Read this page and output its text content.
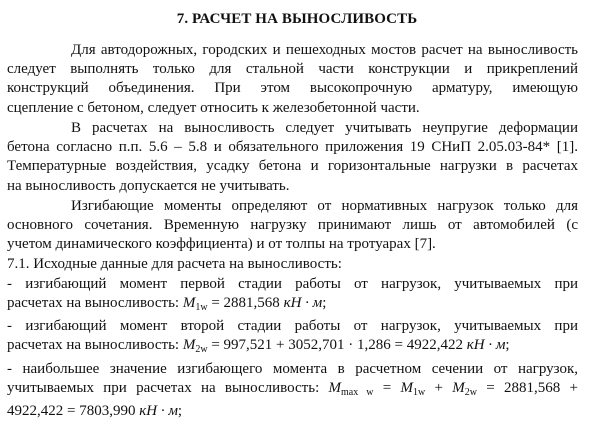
7. РАСЧЕТ НА ВЫНОСЛИВОСТЬ

Для автодорожных, городских и пешеходных мостов расчет на выносливость

следует выполнять только для стальной части конструкции и прикреплений

конструкций объединения. При этом высокопрочную арматуру, имеющую

сцепление с бетоном, следует относить к железобетонной части.

В расчетах на выносливость следует учитывать неупругие деформации

бетона согласно п.п. 5.6 – 5.8 и обязательного приложения 19 СНиП 2.05.03-84* [1].

Температурные воздействия, усадку бетона и горизонтальные нагрузки в расчетах

на выносливость допускается не учитывать.

Изгибающие моменты определяют от нормативных нагрузок только для

основного сочетания. Временную нагрузку принимают лишь от автомобилей (с

учетом динамического коэффициента) и от толпы на тротуарах [7].

7.1. Исходные данные для расчета на выносливость:

- изгибающий момент первой стадии работы от нагрузок, учитываемых при

расчетах на выносливость: $M_{1w} = 2881,568$ кН · м;

- изгибающий момент второй стадии работы от нагрузок, учитываемых при

расчетах на выносливость: $M_{2w} = 997,521 + 3052,701 \cdot 1,286 = 4922,422$ кН · м;

- наибольшее значение изгибающего момента в расчетном сечении от нагрузок,

учитываемых при расчетах на выносливость: $M_{max w} = M_{1w} + M_{2w} = 2881,568$ +

4922,422 = 7803,990 кН · м;
